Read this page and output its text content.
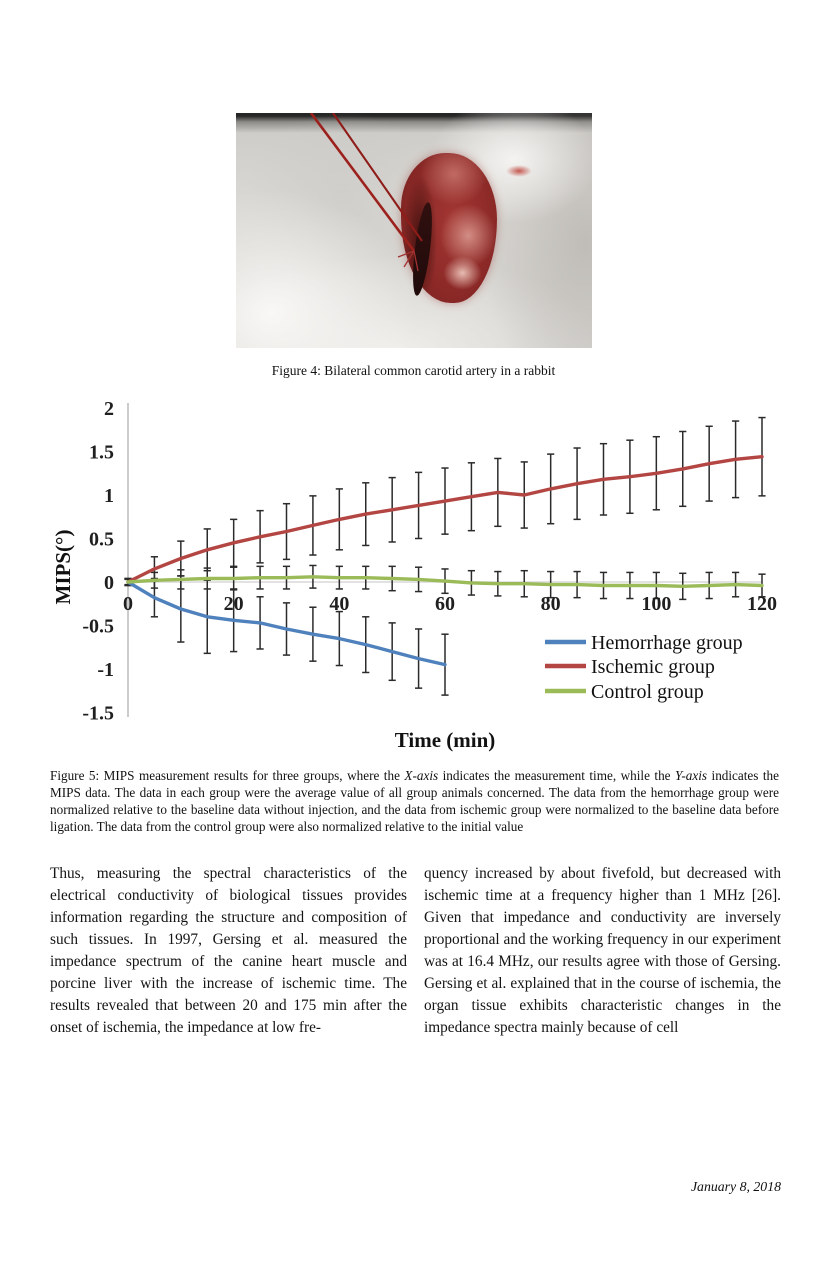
Figure 4: Bilateral common carotid artery in a rabbit
2
1.5
1
0.5
0
-0.5
-1
-1.5
0	20	40	60	80	100	120
MIPS(°)
Time (min)
Hemorrhage group
Ischemic group
Control group
Figure 5: MIPS measurement results for three groups, where the X-axis indicates the measurement time, while the Y-axis indicates the MIPS data. The data in each group were the average value of all group animals concerned. The data from the hemorrhage group were normalized relative to the baseline data without injection, and the data from ischemic group were normalized to the baseline data before ligation. The data from the control group were also normalized relative to the initial value

Thus, measuring the spectral characteristics of the electrical conductivity of biological tissues provides information regarding the structure and composition of such tissues. In 1997, Gersing et al. measured the impedance spectrum of the canine heart muscle and porcine liver with the increase of ischemic time. The results revealed that between 20 and 175 min after the onset of ischemia, the impedance at low fre-

quency increased by about fivefold, but decreased with ischemic time at a frequency higher than 1 MHz [26]. Given that impedance and conductivity are inversely proportional and the working frequency in our experiment was at 16.4 MHz, our results agree with those of Gersing. Gersing et al. explained that in the course of ischemia, the organ tissue exhibits characteristic changes in the impedance spectra mainly because of cell

January 8, 2018
